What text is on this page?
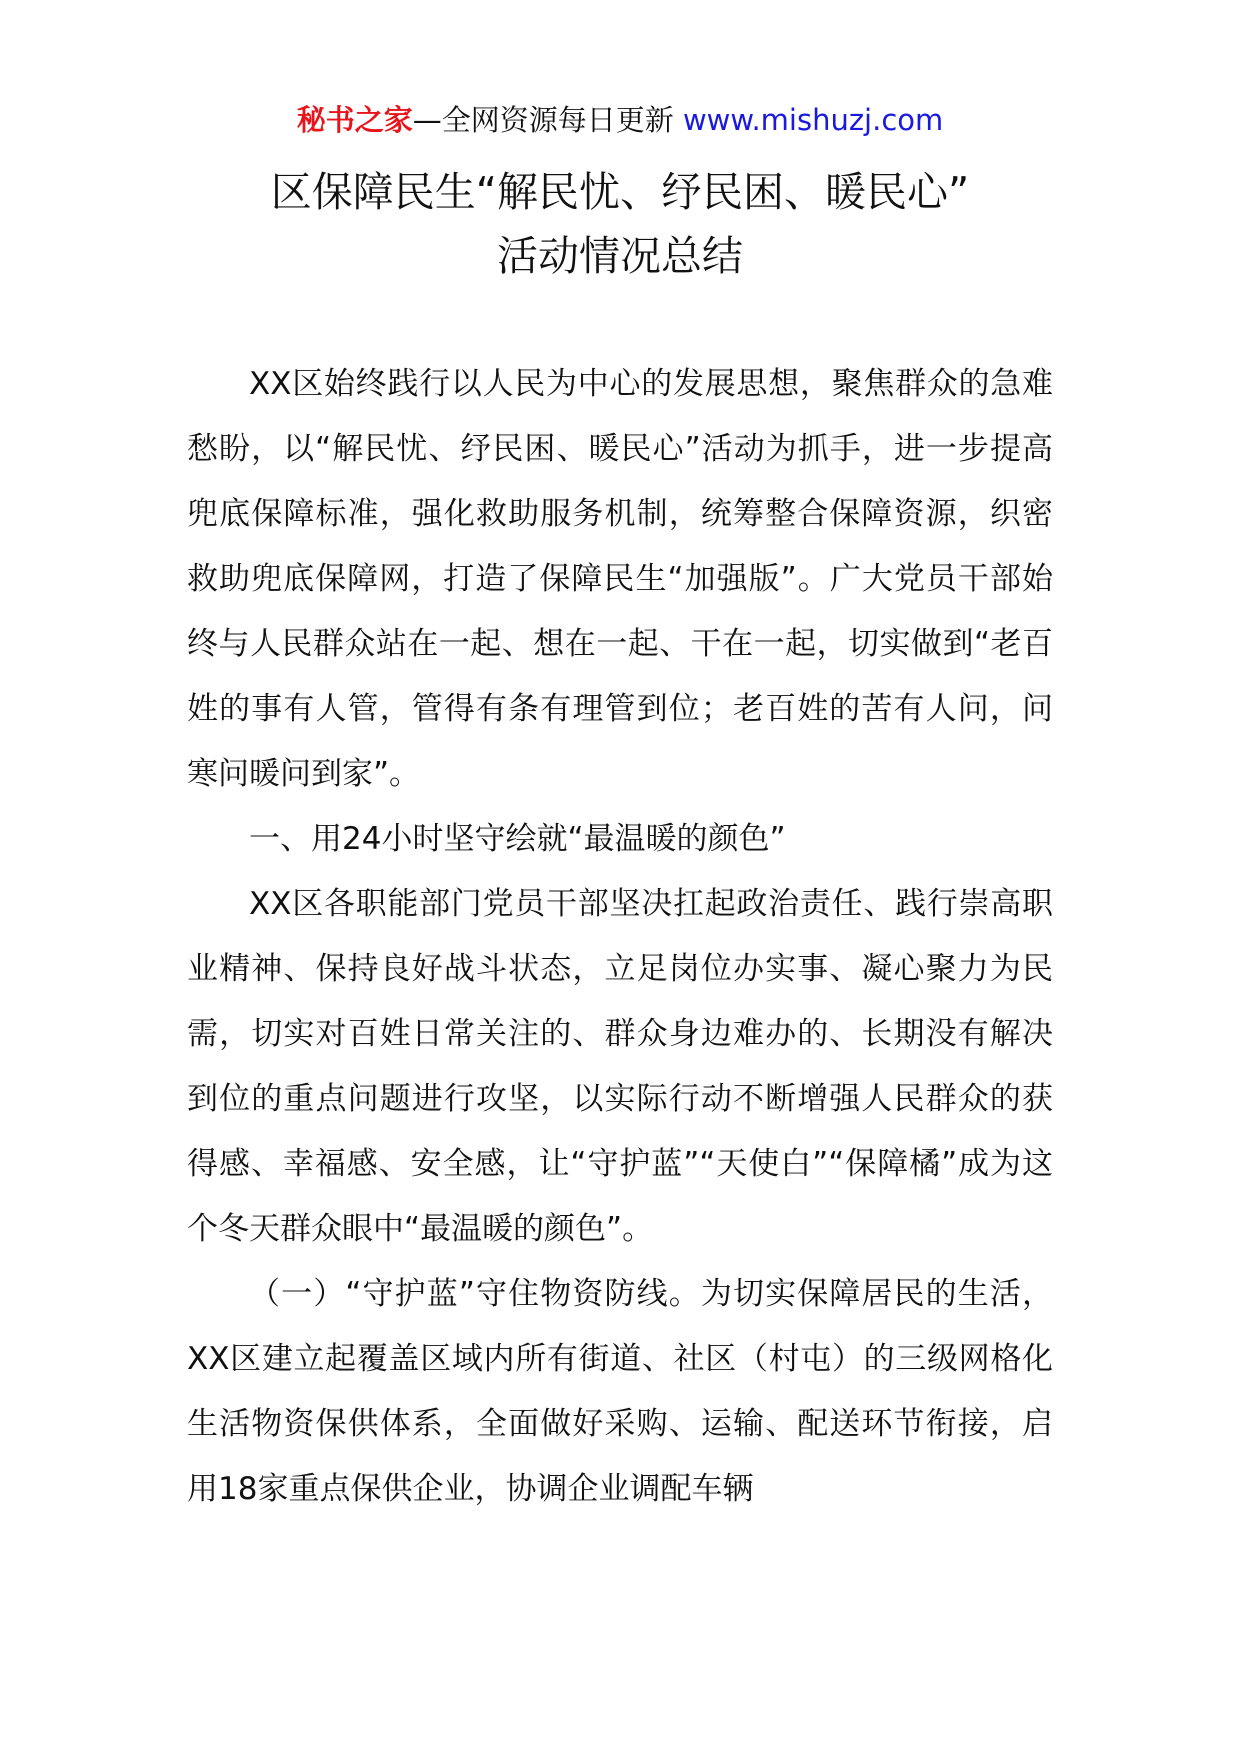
秘书之家—全网资源每日更新 www.mishuzj.com
区保障民生“解民忧、纾民困、暖民心”
活动情况总结

XX区始终践行以人民为中心的发展思想，聚焦群众的急难愁盼，以“解民忧、纾民困、暖民心”活动为抓手，进一步提高兜底保障标准，强化救助服务机制，统筹整合保障资源，织密救助兜底保障网，打造了保障民生“加强版”。广大党员干部始终与人民群众站在一起、想在一起、干在一起，切实做到“老百姓的事有人管，管得有条有理管到位；老百姓的苦有人问，问寒问暖问到家”。

一、用24小时坚守绘就“最温暖的颜色”

XX区各职能部门党员干部坚决扛起政治责任、践行崇高职业精神、保持良好战斗状态，立足岗位办实事、凝心聚力为民需，切实对百姓日常关注的、群众身边难办的、长期没有解决到位的重点问题进行攻坚，以实际行动不断增强人民群众的获得感、幸福感、安全感，让“守护蓝”“天使白”“保障橘”成为这个冬天群众眼中“最温暖的颜色”。

（一）“守护蓝”守住物资防线。为切实保障居民的生活，XX区建立起覆盖区域内所有街道、社区（村屯）的三级网格化生活物资保供体系，全面做好采购、运输、配送环节衔接，启用18家重点保供企业，协调企业调配车辆
